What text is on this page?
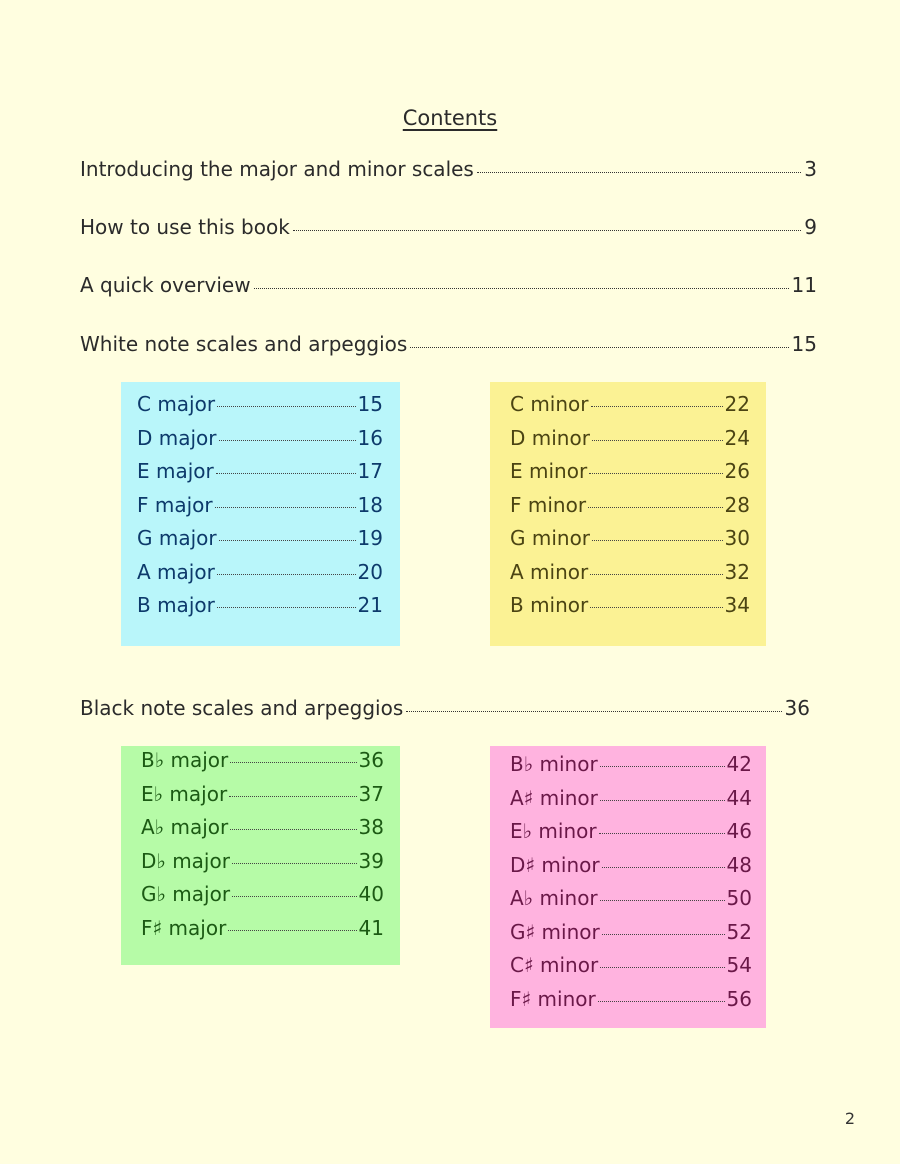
Contents
Introducing the major and minor scales	3
How to use this book	9
A quick overview	11
White note scales and arpeggios	15
C major	15
D major	16
E major	17
F major	18
G major	19
A major	20
B major	21
C minor	22
D minor	24
E minor	26
F minor	28
G minor	30
A minor	32
B minor	34
Black note scales and arpeggios	36
B♭ major	36
E♭ major	37
A♭ major	38
D♭ major	39
G♭ major	40
F♯ major	41
B♭ minor	42
A♯ minor	44
E♭ minor	46
D♯ minor	48
A♭ minor	50
G♯ minor	52
C♯ minor	54
F♯ minor	56
2
